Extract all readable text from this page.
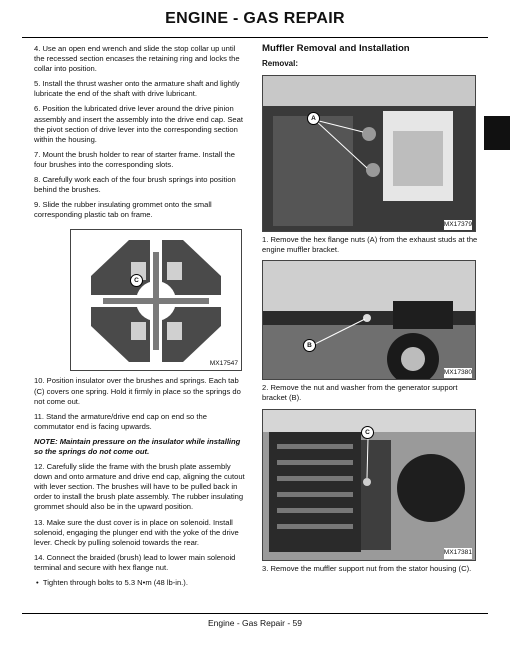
ENGINE - GAS REPAIR

4. Use an open end wrench and slide the stop collar up until the recessed section encases the retaining ring and locks the collar into position.

5. Install the thrust washer onto the armature shaft and lightly lubricate the end of the shaft with drive lubricant.

6. Position the lubricated drive lever around the drive pinion assembly and insert the assembly into the drive end cap. Seat the pivot section of drive lever into the corresponding section within the housing.

7. Mount the brush holder to rear of starter frame. Install the four brushes into the corresponding slots.

8. Carefully work each of the four brush springs into position behind the brushes.

9. Slide the rubber insulating grommet onto the small corresponding plastic tab on frame.

C
MX17547

10. Position insulator over the brushes and springs. Each tab (C) covers one spring. Hold it firmly in place so the springs do not come out.

11. Stand the armature/drive end cap on end so the commutator end is facing upwards.

NOTE: Maintain pressure on the insulator while installing so the springs do not come out.

12. Carefully slide the frame with the brush plate assembly down and onto armature and drive end cap, aligning the cutout with lever section. The brushes will have to be pulled back in order to install the brush plate assembly. The rubber insulating grommet should also be in the upward position.

13. Make sure the dust cover is in place on solenoid. Install solenoid, engaging the plunger end with the yoke of the drive lever. Check by pulling solenoid towards the rear.

14. Connect the braided (brush) lead to lower main solenoid terminal and secure with hex flange nut.

•  Tighten through bolts to 5.3 N•m (48 lb-in.).

Muffler Removal and Installation
Removal:
A
MX17379

1. Remove the hex flange nuts (A) from the exhaust studs at the engine muffler bracket.

B
MX17380

2. Remove the nut and washer from the generator support bracket (B).

C
MX17381

3. Remove the muffler support nut from the stator housing (C).

Engine - Gas Repair - 59
